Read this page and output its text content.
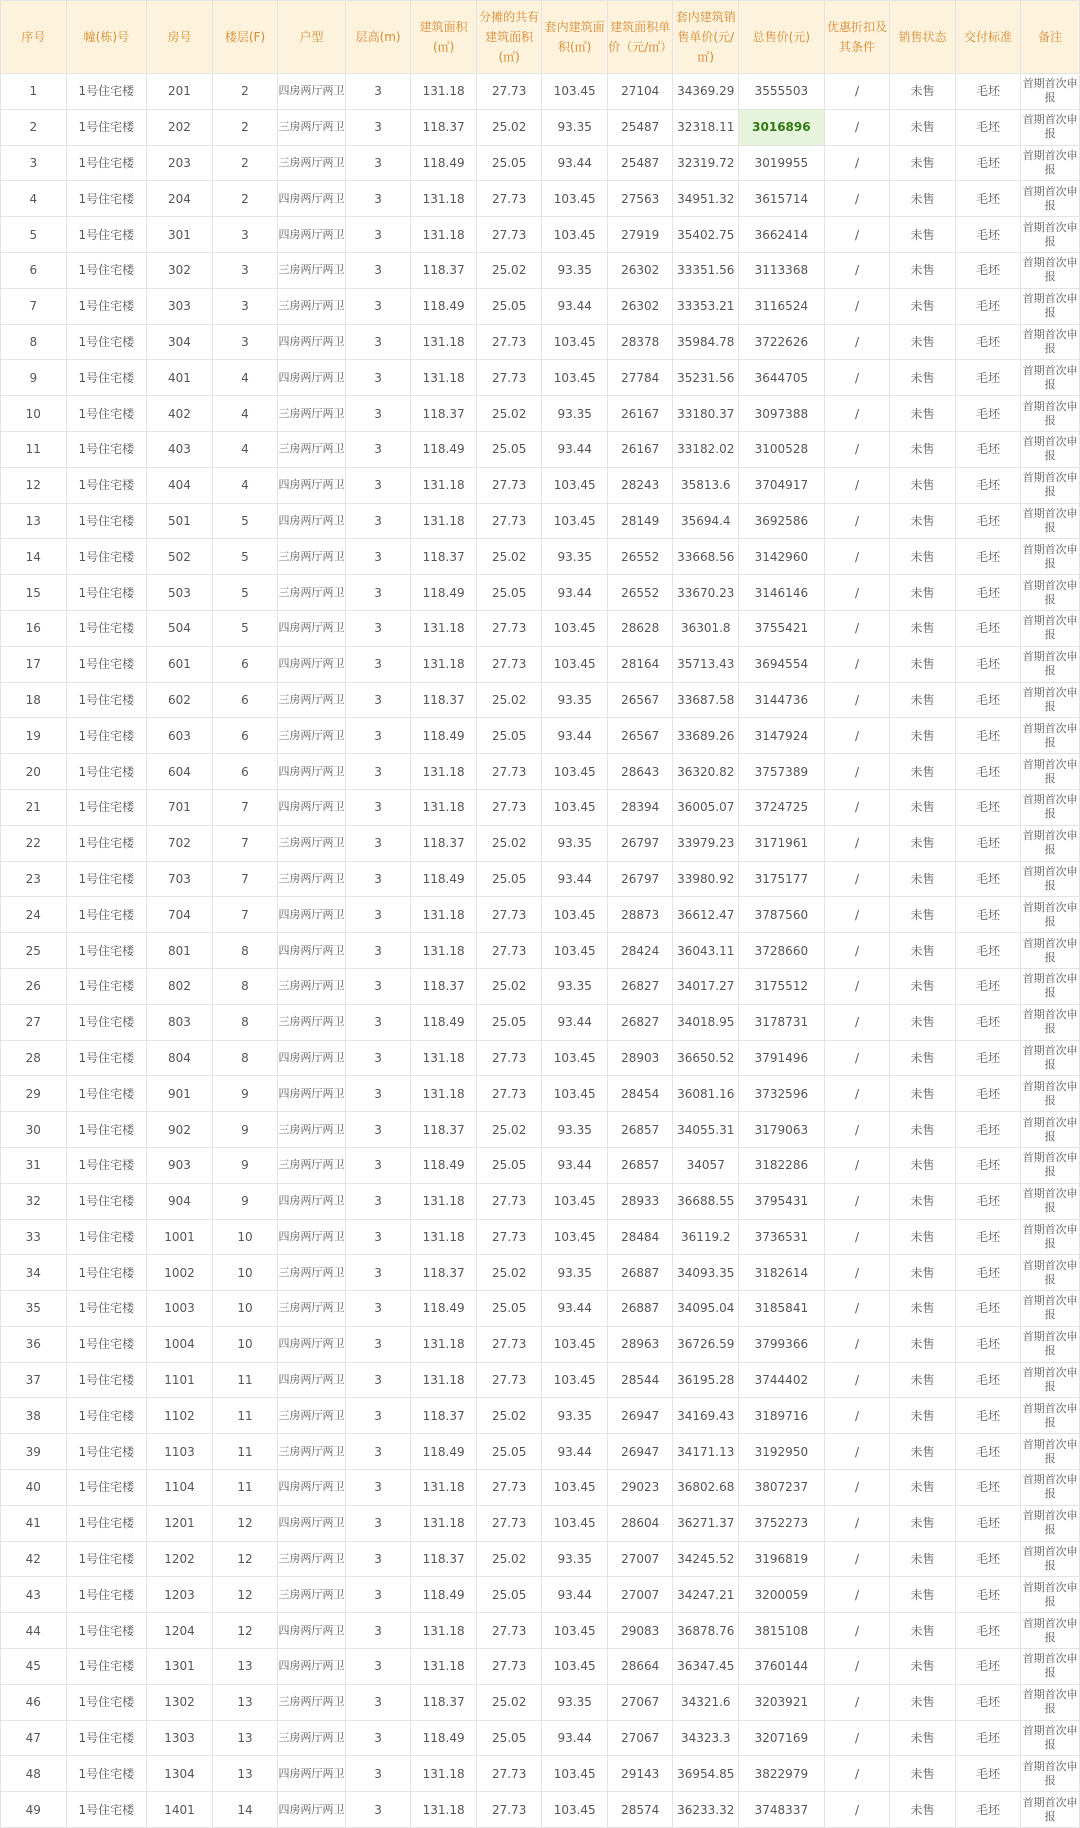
序号	幢(栋)号	房号	楼层(F)	户型	层高(m)	建筑面积(㎡)	分摊的共有建筑面积(㎡)	套内建筑面积(㎡)	建筑面积单价（元/㎡）	套内建筑销售单价(元/㎡)	总售价(元)	优惠折扣及其条件	销售状态	交付标准	备注
1	1号住宅楼	201	2	四房两厅两卫	3	131.18	27.73	103.45	27104	34369.29	3555503	/	未售	毛坯	首期首次申报
2	1号住宅楼	202	2	三房两厅两卫	3	118.37	25.02	93.35	25487	32318.11	3016896	/	未售	毛坯	首期首次申报
3	1号住宅楼	203	2	三房两厅两卫	3	118.49	25.05	93.44	25487	32319.72	3019955	/	未售	毛坯	首期首次申报
4	1号住宅楼	204	2	四房两厅两卫	3	131.18	27.73	103.45	27563	34951.32	3615714	/	未售	毛坯	首期首次申报
5	1号住宅楼	301	3	四房两厅两卫	3	131.18	27.73	103.45	27919	35402.75	3662414	/	未售	毛坯	首期首次申报
6	1号住宅楼	302	3	三房两厅两卫	3	118.37	25.02	93.35	26302	33351.56	3113368	/	未售	毛坯	首期首次申报
7	1号住宅楼	303	3	三房两厅两卫	3	118.49	25.05	93.44	26302	33353.21	3116524	/	未售	毛坯	首期首次申报
8	1号住宅楼	304	3	四房两厅两卫	3	131.18	27.73	103.45	28378	35984.78	3722626	/	未售	毛坯	首期首次申报
9	1号住宅楼	401	4	四房两厅两卫	3	131.18	27.73	103.45	27784	35231.56	3644705	/	未售	毛坯	首期首次申报
10	1号住宅楼	402	4	三房两厅两卫	3	118.37	25.02	93.35	26167	33180.37	3097388	/	未售	毛坯	首期首次申报
11	1号住宅楼	403	4	三房两厅两卫	3	118.49	25.05	93.44	26167	33182.02	3100528	/	未售	毛坯	首期首次申报
12	1号住宅楼	404	4	四房两厅两卫	3	131.18	27.73	103.45	28243	35813.6	3704917	/	未售	毛坯	首期首次申报
13	1号住宅楼	501	5	四房两厅两卫	3	131.18	27.73	103.45	28149	35694.4	3692586	/	未售	毛坯	首期首次申报
14	1号住宅楼	502	5	三房两厅两卫	3	118.37	25.02	93.35	26552	33668.56	3142960	/	未售	毛坯	首期首次申报
15	1号住宅楼	503	5	三房两厅两卫	3	118.49	25.05	93.44	26552	33670.23	3146146	/	未售	毛坯	首期首次申报
16	1号住宅楼	504	5	四房两厅两卫	3	131.18	27.73	103.45	28628	36301.8	3755421	/	未售	毛坯	首期首次申报
17	1号住宅楼	601	6	四房两厅两卫	3	131.18	27.73	103.45	28164	35713.43	3694554	/	未售	毛坯	首期首次申报
18	1号住宅楼	602	6	三房两厅两卫	3	118.37	25.02	93.35	26567	33687.58	3144736	/	未售	毛坯	首期首次申报
19	1号住宅楼	603	6	三房两厅两卫	3	118.49	25.05	93.44	26567	33689.26	3147924	/	未售	毛坯	首期首次申报
20	1号住宅楼	604	6	四房两厅两卫	3	131.18	27.73	103.45	28643	36320.82	3757389	/	未售	毛坯	首期首次申报
21	1号住宅楼	701	7	四房两厅两卫	3	131.18	27.73	103.45	28394	36005.07	3724725	/	未售	毛坯	首期首次申报
22	1号住宅楼	702	7	三房两厅两卫	3	118.37	25.02	93.35	26797	33979.23	3171961	/	未售	毛坯	首期首次申报
23	1号住宅楼	703	7	三房两厅两卫	3	118.49	25.05	93.44	26797	33980.92	3175177	/	未售	毛坯	首期首次申报
24	1号住宅楼	704	7	四房两厅两卫	3	131.18	27.73	103.45	28873	36612.47	3787560	/	未售	毛坯	首期首次申报
25	1号住宅楼	801	8	四房两厅两卫	3	131.18	27.73	103.45	28424	36043.11	3728660	/	未售	毛坯	首期首次申报
26	1号住宅楼	802	8	三房两厅两卫	3	118.37	25.02	93.35	26827	34017.27	3175512	/	未售	毛坯	首期首次申报
27	1号住宅楼	803	8	三房两厅两卫	3	118.49	25.05	93.44	26827	34018.95	3178731	/	未售	毛坯	首期首次申报
28	1号住宅楼	804	8	四房两厅两卫	3	131.18	27.73	103.45	28903	36650.52	3791496	/	未售	毛坯	首期首次申报
29	1号住宅楼	901	9	四房两厅两卫	3	131.18	27.73	103.45	28454	36081.16	3732596	/	未售	毛坯	首期首次申报
30	1号住宅楼	902	9	三房两厅两卫	3	118.37	25.02	93.35	26857	34055.31	3179063	/	未售	毛坯	首期首次申报
31	1号住宅楼	903	9	三房两厅两卫	3	118.49	25.05	93.44	26857	34057	3182286	/	未售	毛坯	首期首次申报
32	1号住宅楼	904	9	四房两厅两卫	3	131.18	27.73	103.45	28933	36688.55	3795431	/	未售	毛坯	首期首次申报
33	1号住宅楼	1001	10	四房两厅两卫	3	131.18	27.73	103.45	28484	36119.2	3736531	/	未售	毛坯	首期首次申报
34	1号住宅楼	1002	10	三房两厅两卫	3	118.37	25.02	93.35	26887	34093.35	3182614	/	未售	毛坯	首期首次申报
35	1号住宅楼	1003	10	三房两厅两卫	3	118.49	25.05	93.44	26887	34095.04	3185841	/	未售	毛坯	首期首次申报
36	1号住宅楼	1004	10	四房两厅两卫	3	131.18	27.73	103.45	28963	36726.59	3799366	/	未售	毛坯	首期首次申报
37	1号住宅楼	1101	11	四房两厅两卫	3	131.18	27.73	103.45	28544	36195.28	3744402	/	未售	毛坯	首期首次申报
38	1号住宅楼	1102	11	三房两厅两卫	3	118.37	25.02	93.35	26947	34169.43	3189716	/	未售	毛坯	首期首次申报
39	1号住宅楼	1103	11	三房两厅两卫	3	118.49	25.05	93.44	26947	34171.13	3192950	/	未售	毛坯	首期首次申报
40	1号住宅楼	1104	11	四房两厅两卫	3	131.18	27.73	103.45	29023	36802.68	3807237	/	未售	毛坯	首期首次申报
41	1号住宅楼	1201	12	四房两厅两卫	3	131.18	27.73	103.45	28604	36271.37	3752273	/	未售	毛坯	首期首次申报
42	1号住宅楼	1202	12	三房两厅两卫	3	118.37	25.02	93.35	27007	34245.52	3196819	/	未售	毛坯	首期首次申报
43	1号住宅楼	1203	12	三房两厅两卫	3	118.49	25.05	93.44	27007	34247.21	3200059	/	未售	毛坯	首期首次申报
44	1号住宅楼	1204	12	四房两厅两卫	3	131.18	27.73	103.45	29083	36878.76	3815108	/	未售	毛坯	首期首次申报
45	1号住宅楼	1301	13	四房两厅两卫	3	131.18	27.73	103.45	28664	36347.45	3760144	/	未售	毛坯	首期首次申报
46	1号住宅楼	1302	13	三房两厅两卫	3	118.37	25.02	93.35	27067	34321.6	3203921	/	未售	毛坯	首期首次申报
47	1号住宅楼	1303	13	三房两厅两卫	3	118.49	25.05	93.44	27067	34323.3	3207169	/	未售	毛坯	首期首次申报
48	1号住宅楼	1304	13	四房两厅两卫	3	131.18	27.73	103.45	29143	36954.85	3822979	/	未售	毛坯	首期首次申报
49	1号住宅楼	1401	14	四房两厅两卫	3	131.18	27.73	103.45	28574	36233.32	3748337	/	未售	毛坯	首期首次申报
